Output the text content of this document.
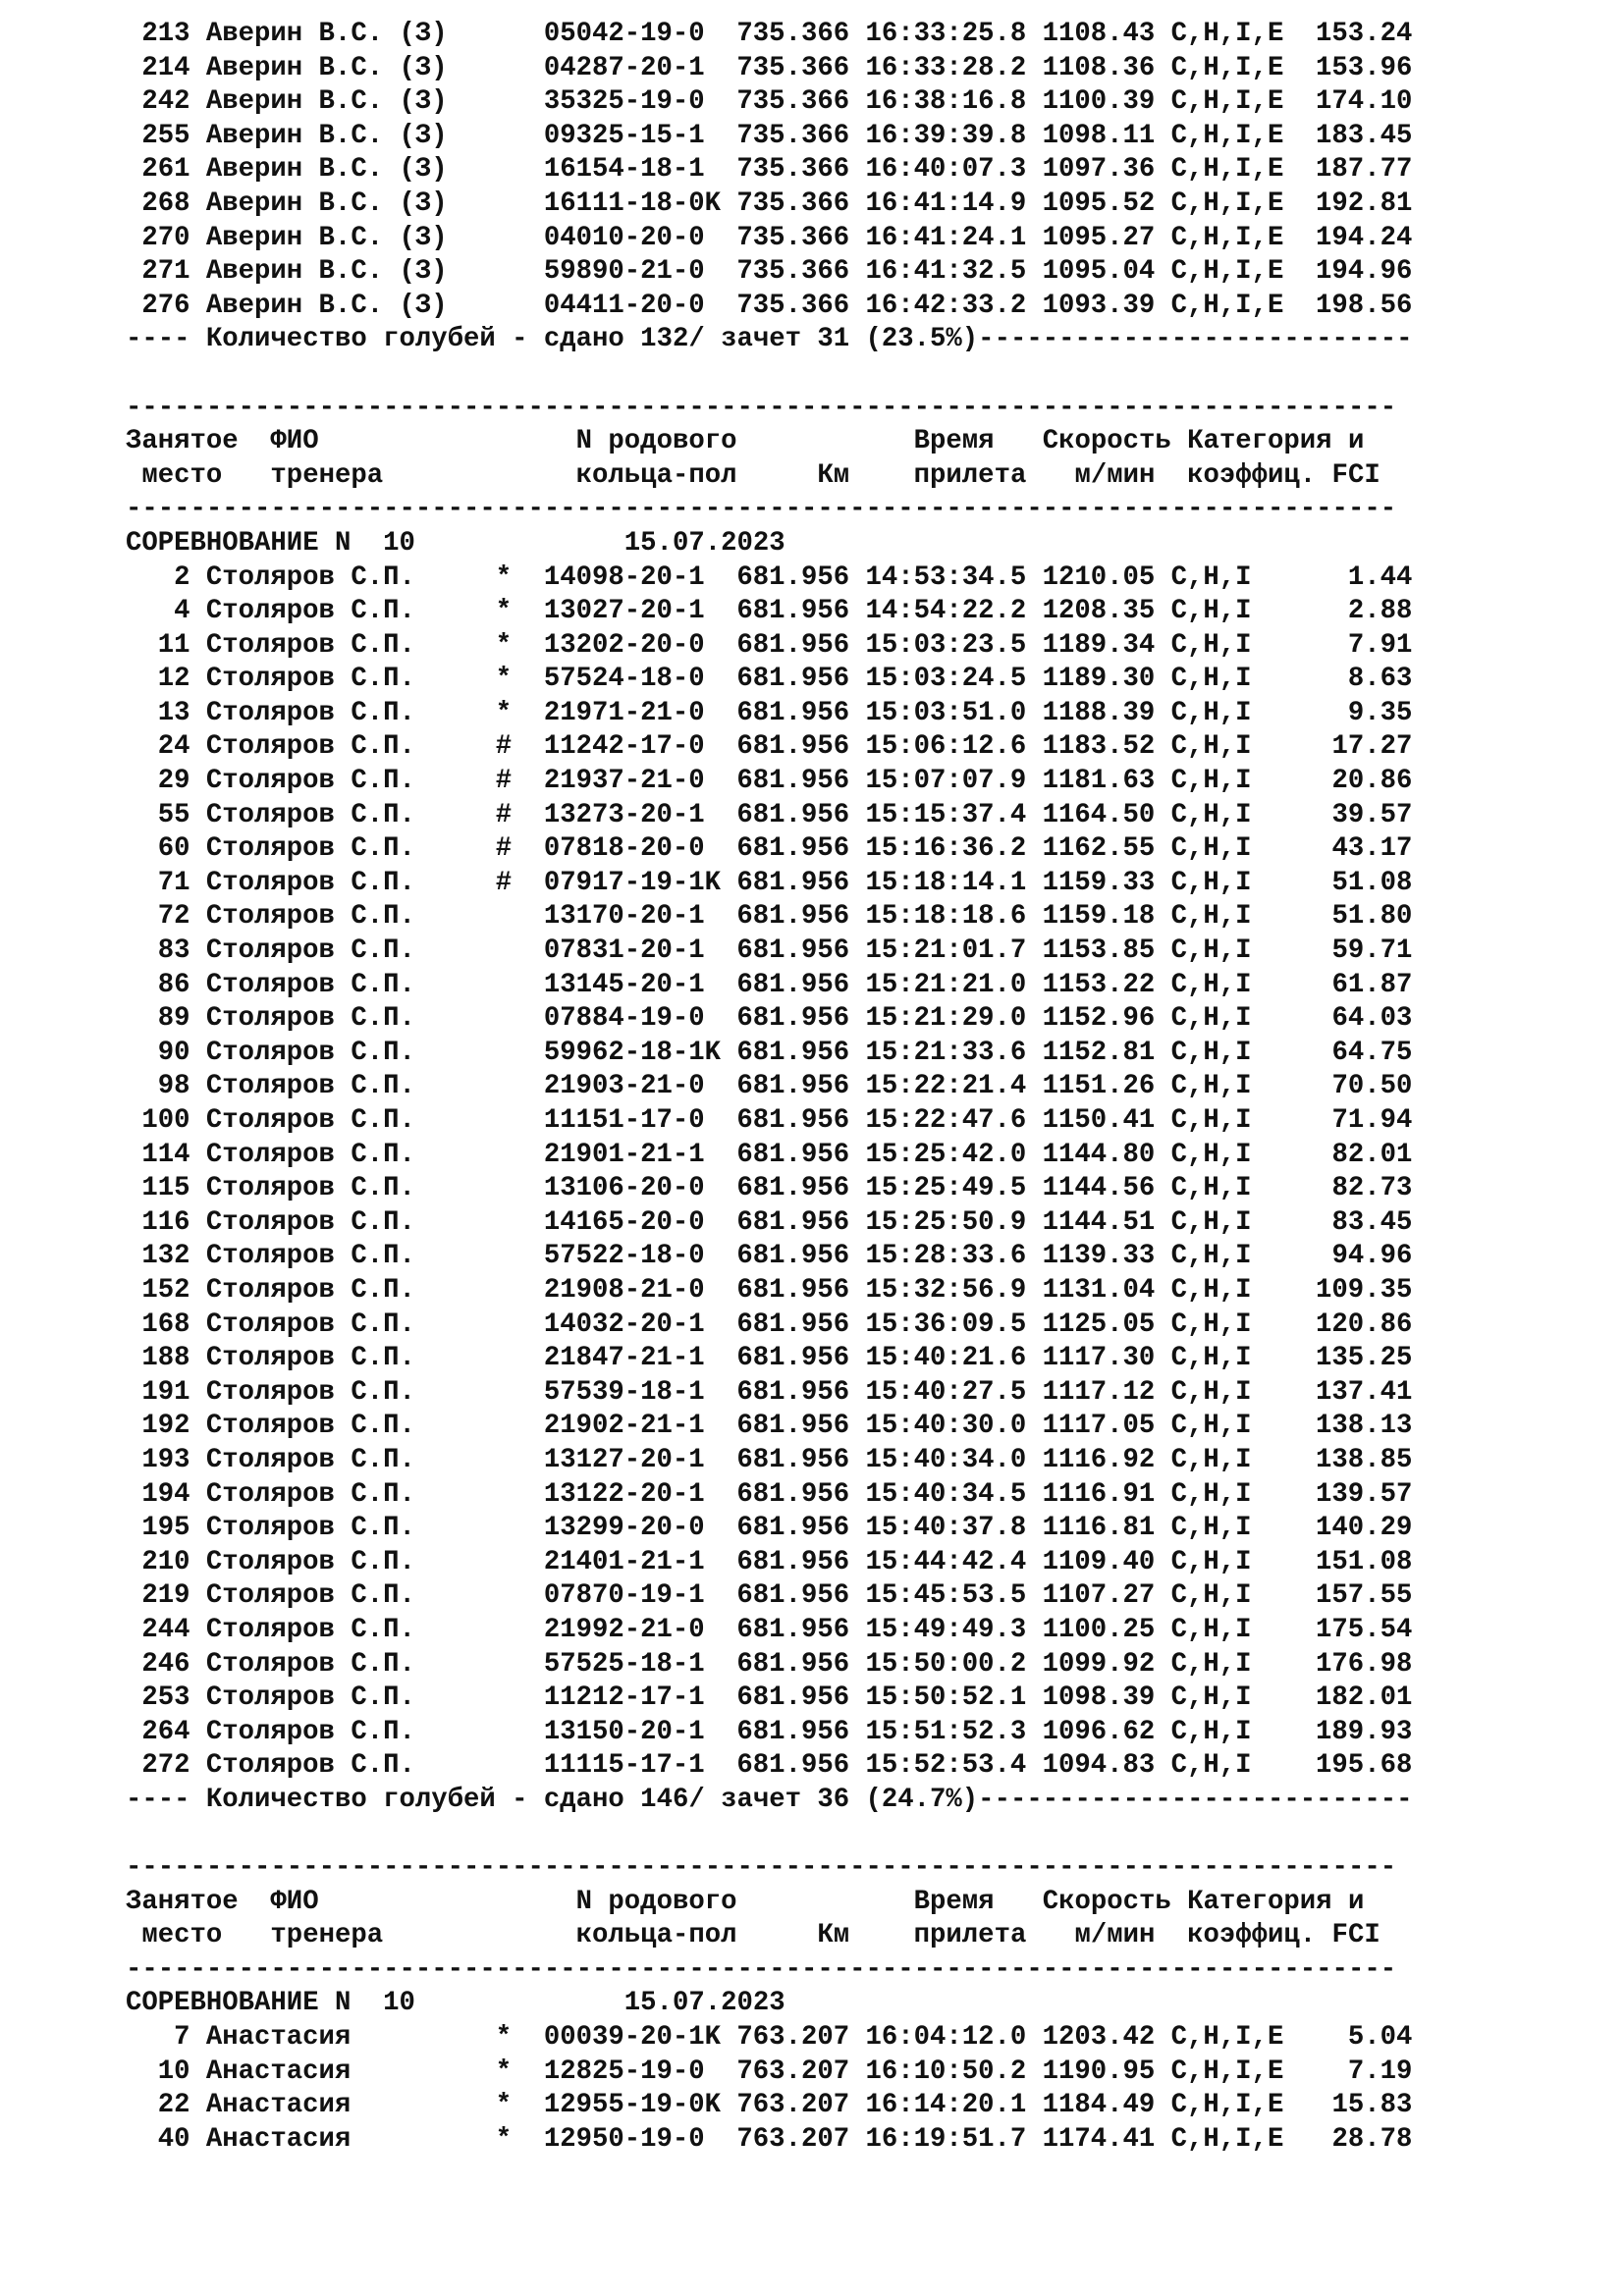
213 Аверин В.С. (З)	05042-19-0 735.366 16:33:25.8 1108.43 C,H,I,E 153.24
214 Аверин В.С. (З)	04287-20-1 735.366 16:33:28.2 1108.36 C,H,I,E 153.96
242 Аверин В.С. (З)	35325-19-0 735.366 16:38:16.8 1100.39 C,H,I,E 174.10
255 Аверин В.С. (З)	09325-15-1 735.366 16:39:39.8 1098.11 C,H,I,E 183.45
261 Аверин В.С. (З)	16154-18-1 735.366 16:40:07.3 1097.36 C,H,I,E 187.77
268 Аверин В.С. (З)	16111-18-0K 735.366 16:41:14.9 1095.52 C,H,I,E 192.81
270 Аверин В.С. (З)	04010-20-0 735.366 16:41:24.1 1095.27 C,H,I,E 194.24
271 Аверин В.С. (З)	59890-21-0 735.366 16:41:32.5 1095.04 C,H,I,E 194.96
276 Аверин В.С. (З)	04411-20-0 735.366 16:42:33.2 1093.39 C,H,I,E 198.56
---- Количество голубей - сдано 132/ зачет 31 (23.5%)---------------------------
-------------------------------------------------------------------------------
Занятое  ФИО                N родового           Время   Скорость Категория и
место   тренера            кольца-пол     Км    прилета   м/мин  коэффиц. FCI
-------------------------------------------------------------------------------
СОРЕВНОВАНИЕ N  10	15.07.2023
2 Столяров С.П.	* 14098-20-1 681.956 14:53:34.5 1210.05 C,H,I	1.44
4 Столяров С.П.	* 13027-20-1 681.956 14:54:22.2 1208.35 C,H,I	2.88
11 Столяров С.П.	* 13202-20-0 681.956 15:03:23.5 1189.34 C,H,I	7.91
12 Столяров С.П.	* 57524-18-0 681.956 15:03:24.5 1189.30 C,H,I	8.63
13 Столяров С.П.	* 21971-21-0 681.956 15:03:51.0 1188.39 C,H,I	9.35
24 Столяров С.П.	# 11242-17-0 681.956 15:06:12.6 1183.52 C,H,I	17.27
29 Столяров С.П.	# 21937-21-0 681.956 15:07:07.9 1181.63 C,H,I	20.86
55 Столяров С.П.	# 13273-20-1 681.956 15:15:37.4 1164.50 C,H,I	39.57
60 Столяров С.П.	# 07818-20-0 681.956 15:16:36.2 1162.55 C,H,I	43.17
71 Столяров С.П.	# 07917-19-1K 681.956 15:18:14.1 1159.33 C,H,I	51.08
72 Столяров С.П.	13170-20-1 681.956 15:18:18.6 1159.18 C,H,I	51.80
83 Столяров С.П.	07831-20-1 681.956 15:21:01.7 1153.85 C,H,I	59.71
86 Столяров С.П.	13145-20-1 681.956 15:21:21.0 1153.22 C,H,I	61.87
89 Столяров С.П.	07884-19-0 681.956 15:21:29.0 1152.96 C,H,I	64.03
90 Столяров С.П.	59962-18-1K 681.956 15:21:33.6 1152.81 C,H,I	64.75
98 Столяров С.П.	21903-21-0 681.956 15:22:21.4 1151.26 C,H,I	70.50
100 Столяров С.П.	11151-17-0 681.956 15:22:47.6 1150.41 C,H,I	71.94
114 Столяров С.П.	21901-21-1 681.956 15:25:42.0 1144.80 C,H,I	82.01
115 Столяров С.П.	13106-20-0 681.956 15:25:49.5 1144.56 C,H,I	82.73
116 Столяров С.П.	14165-20-0 681.956 15:25:50.9 1144.51 C,H,I	83.45
132 Столяров С.П.	57522-18-0 681.956 15:28:33.6 1139.33 C,H,I	94.96
152 Столяров С.П.	21908-21-0 681.956 15:32:56.9 1131.04 C,H,I 109.35
168 Столяров С.П.	14032-20-1 681.956 15:36:09.5 1125.05 C,H,I 120.86
188 Столяров С.П.	21847-21-1 681.956 15:40:21.6 1117.30 C,H,I 135.25
191 Столяров С.П.	57539-18-1 681.956 15:40:27.5 1117.12 C,H,I 137.41
192 Столяров С.П.	21902-21-1 681.956 15:40:30.0 1117.05 C,H,I 138.13
193 Столяров С.П.	13127-20-1 681.956 15:40:34.0 1116.92 C,H,I 138.85
194 Столяров С.П.	13122-20-1 681.956 15:40:34.5 1116.91 C,H,I 139.57
195 Столяров С.П.	13299-20-0 681.956 15:40:37.8 1116.81 C,H,I 140.29
210 Столяров С.П.	21401-21-1 681.956 15:44:42.4 1109.40 C,H,I 151.08
219 Столяров С.П.	07870-19-1 681.956 15:45:53.5 1107.27 C,H,I 157.55
244 Столяров С.П.	21992-21-0 681.956 15:49:49.3 1100.25 C,H,I 175.54
246 Столяров С.П.	57525-18-1 681.956 15:50:00.2 1099.92 C,H,I 176.98
253 Столяров С.П.	11212-17-1 681.956 15:50:52.1 1098.39 C,H,I 182.01
264 Столяров С.П.	13150-20-1 681.956 15:51:52.3 1096.62 C,H,I 189.93
272 Столяров С.П.	11115-17-1 681.956 15:52:53.4 1094.83 C,H,I 195.68
---- Количество голубей - сдано 146/ зачет 36 (24.7%)---------------------------
-------------------------------------------------------------------------------
Занятое  ФИО                N родового           Время   Скорость Категория и
место   тренера            кольца-пол     Км    прилета   м/мин  коэффиц. FCI
-------------------------------------------------------------------------------
СОРЕВНОВАНИЕ N  10	15.07.2023
7 Анастасия	* 00039-20-1K 763.207 16:04:12.0 1203.42 C,H,I,E 5.04
10 Анастасия	* 12825-19-0 763.207 16:10:50.2 1190.95 C,H,I,E 7.19
22 Анастасия	* 12955-19-0K 763.207 16:14:20.1 1184.49 C,H,I,E 15.83
40 Анастасия	* 12950-19-0 763.207 16:19:51.7 1174.41 C,H,I,E 28.78
